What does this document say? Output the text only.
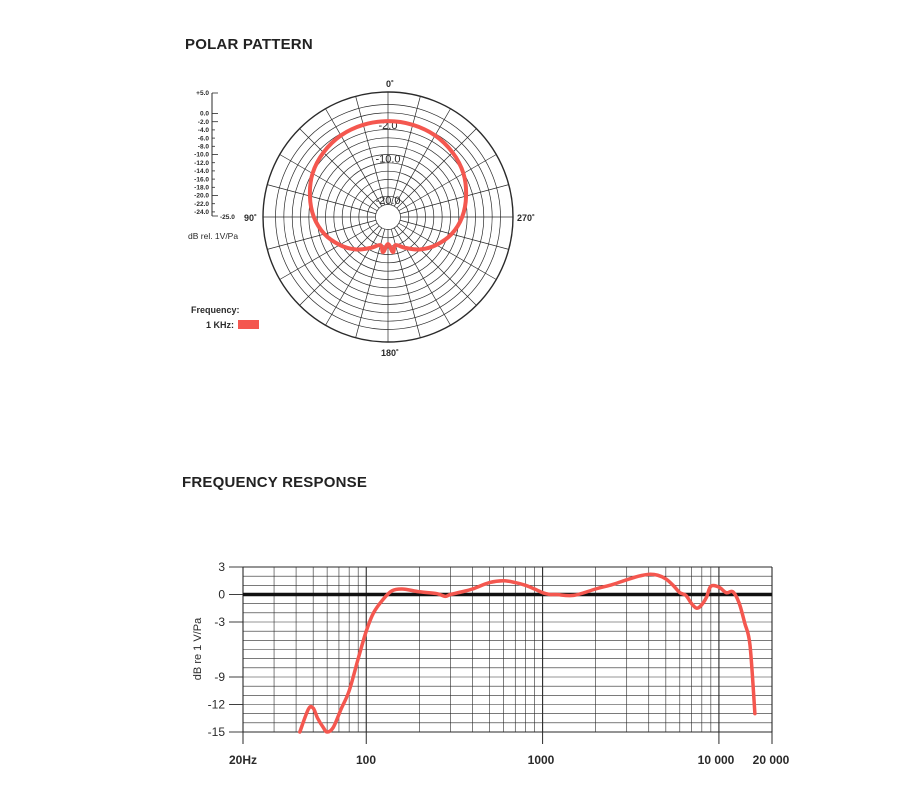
POLAR PATTERN
FREQUENCY RESPONSE
-2.0
-10.0
-20.0
0˚
90˚
180˚
270˚
+5.0
0.0
-2.0
-4.0
-6.0
-8.0
-10.0
-12.0
-14.0
-16.0
-18.0
-20.0
-22.0
-24.0
-25.0
dB rel. 1V/Pa
Frequency:
1 KHz:
3
0
-3
-9
-12
-15
dB re 1 V/Pa
20Hz	100	1000	10 000 20 000
